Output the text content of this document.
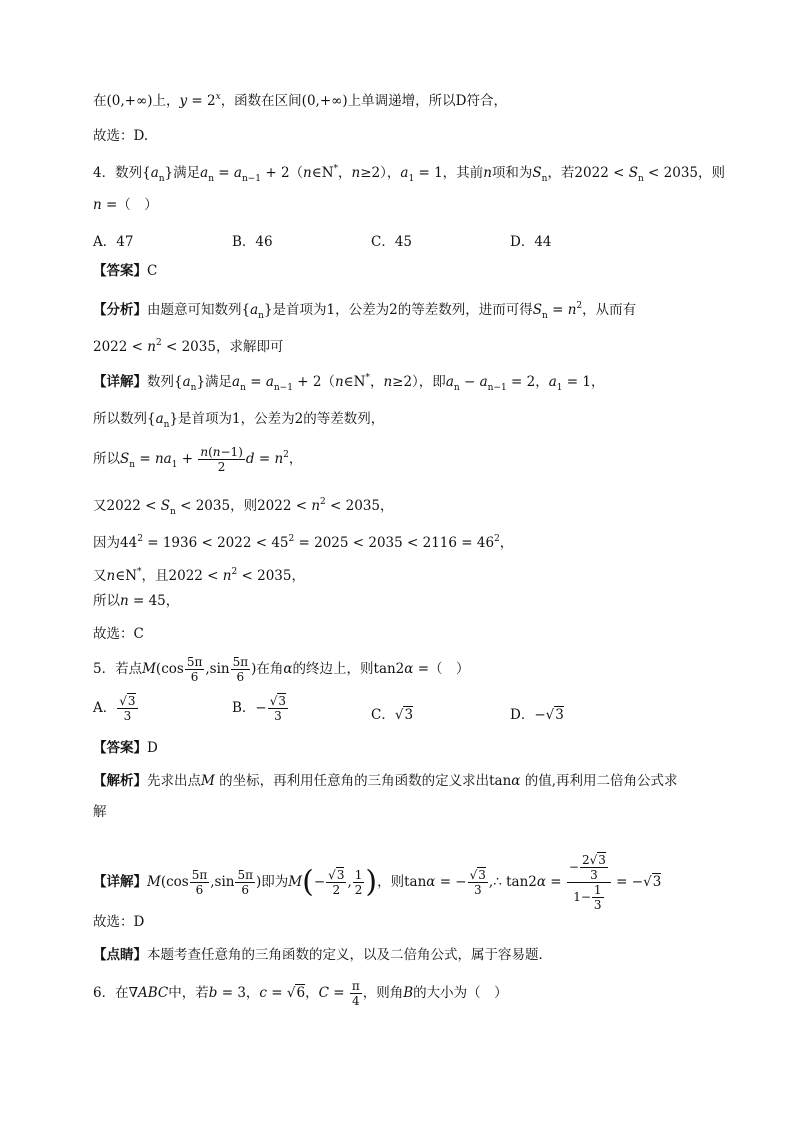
在(0,+∞)上，$y = 2^x$，函数在区间(0,+∞)上单调递增，所以D符合，
故选：D.
4．数列$\{a_n\}$满足$a_n = a_{n-1}$ + 2（n∈N*，n≥2），$a_1 = 1$，其前n项和为$S_n$，若$2022 < S_n < 2035$，则
n =（　）
A．47	B．46	C．45	D．44
【答案】C
【分析】由题意可知数列$\{a_n\}$是首项为1，公差为2的等差数列，进而可得$S_n = n^2$，从而有
$2022 < n^2 < 2035$，求解即可
【详解】数列$\{a_n\}$满足$a_n = a_{n-1}$ + 2（n∈N*，n≥2），即$a_n - a_{n-1} = 2$，$a_1 = 1$，
所以数列$\{a_n\}$是首项为1，公差为2的等差数列，
所以$S_n = na_1 + \frac{n(n-1)}{2}$ $d = n^2$，
又$2022 < S_n < 2035$，则$2022 < n^2 < 2035$，
因为$44^2 = 1936 < 2022 < 45^2 = 2025 < 2035 < 2116 = 46^2$，
又n∈N*，且$2022 < n^2 < 2035$，
所以n = 45，
故选：C
5．若点$M(\cos \frac{5\pi}{6} ,\sin \frac{5\pi}{6}$ )在角α的终边上，则tan2α =（　）
A． $\frac{√3}{3}$	B．− $\frac{√3}{3}$	C．√3	D．−√3
【答案】D
【解析】先求出点M 的坐标，再利用任意角的三角函数的定义求出tanα 的值,再利用二倍角公式求
解
【详解】$M(\cos \frac{5\pi}{6} ,\sin \frac{5\pi}{6}$ )即为$M(- \frac{√3}{2}$ , $\frac{1}{2}$ )，则tanα = − $\frac{√3}{3}$ ,∴ $\tan 2\alpha = \frac{- \frac{2√3}{3}}{1- \frac{1}{3}} = -√3$
故选：D
【点睛】本题考查任意角的三角函数的定义，以及二倍角公式，属于容易题．
6．在∇ABC中，若b = 3，c = √6，$C = \frac{\pi}{4}$ ，则角B的大小为（　）
